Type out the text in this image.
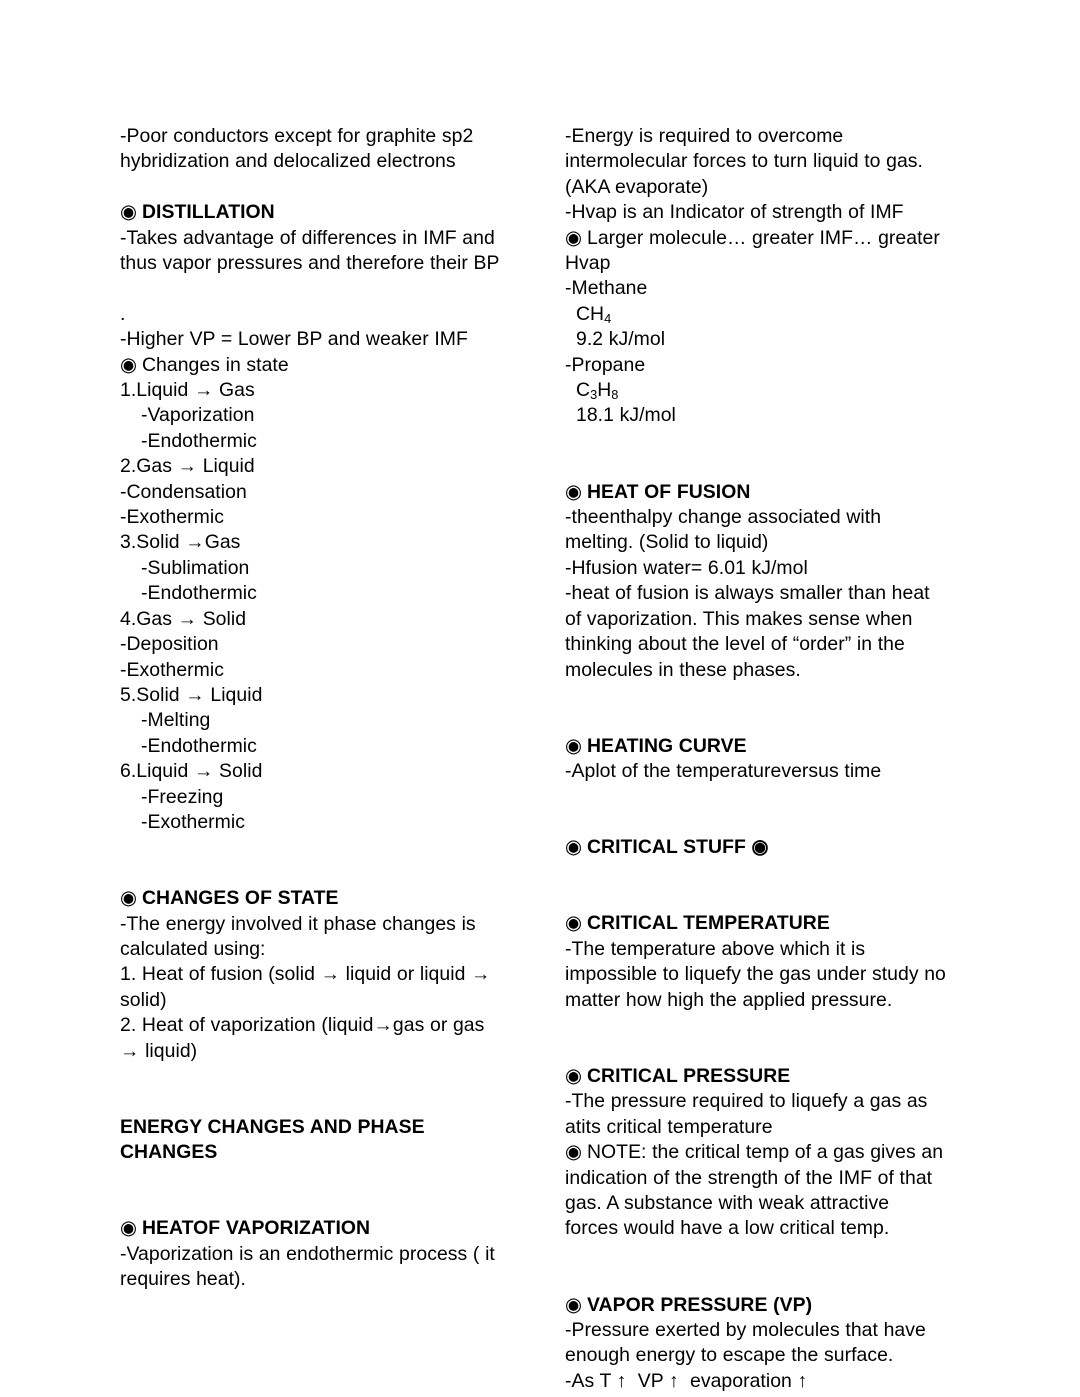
-Poor conductors except for graphite sp2
hybridization and delocalized electrons

◉ DISTILLATION
-Takes advantage of differences in IMF and
thus vapor pressures and therefore their BP

.
-Higher VP = Lower BP and weaker IMF
◉ Changes in state
1.Liquid → Gas
-Vaporization
-Endothermic
2.Gas → Liquid
-Condensation
-Exothermic
3.Solid →Gas
-Sublimation
-Endothermic
4.Gas → Solid
-Deposition
-Exothermic
5.Solid → Liquid
-Melting
-Endothermic
6.Liquid → Solid
-Freezing
-Exothermic

◉ CHANGES OF STATE
-The energy involved it phase changes is
calculated using:
1. Heat of fusion (solid → liquid or liquid →
solid)
2. Heat of vaporization (liquid→gas or gas
→ liquid)

ENERGY CHANGES AND PHASE
CHANGES

◉ HEATOF VAPORIZATION
-Vaporization is an endothermic process ( it
requires heat).
-Energy is required to overcome
intermolecular forces to turn liquid to gas.
(AKA evaporate)
-Hvap is an Indicator of strength of IMF
◉ Larger molecule… greater IMF… greater
Hvap
-Methane
$CH_4$
9.2 kJ/mol
-Propane
$C_3H_8$
18.1 kJ/mol

◉ HEAT OF FUSION
-theenthalpy change associated with
melting. (Solid to liquid)
-Hfusion water= 6.01 kJ/mol
-heat of fusion is always smaller than heat
of vaporization. This makes sense when
thinking about the level of “order” in the
molecules in these phases.

◉ HEATING CURVE
-Aplot of the temperatureversus time

◉ CRITICAL STUFF ◉

◉ CRITICAL TEMPERATURE
-The temperature above which it is
impossible to liquefy the gas under study no
matter how high the applied pressure.

◉ CRITICAL PRESSURE
-The pressure required to liquefy a gas as
atits critical temperature
◉ NOTE: the critical temp of a gas gives an
indication of the strength of the IMF of that
gas. A substance with weak attractive
forces would have a low critical temp.

◉ VAPOR PRESSURE (VP)
-Pressure exerted by molecules that have
enough energy to escape the surface.
-As T ↑  VP ↑  evaporation ↑
